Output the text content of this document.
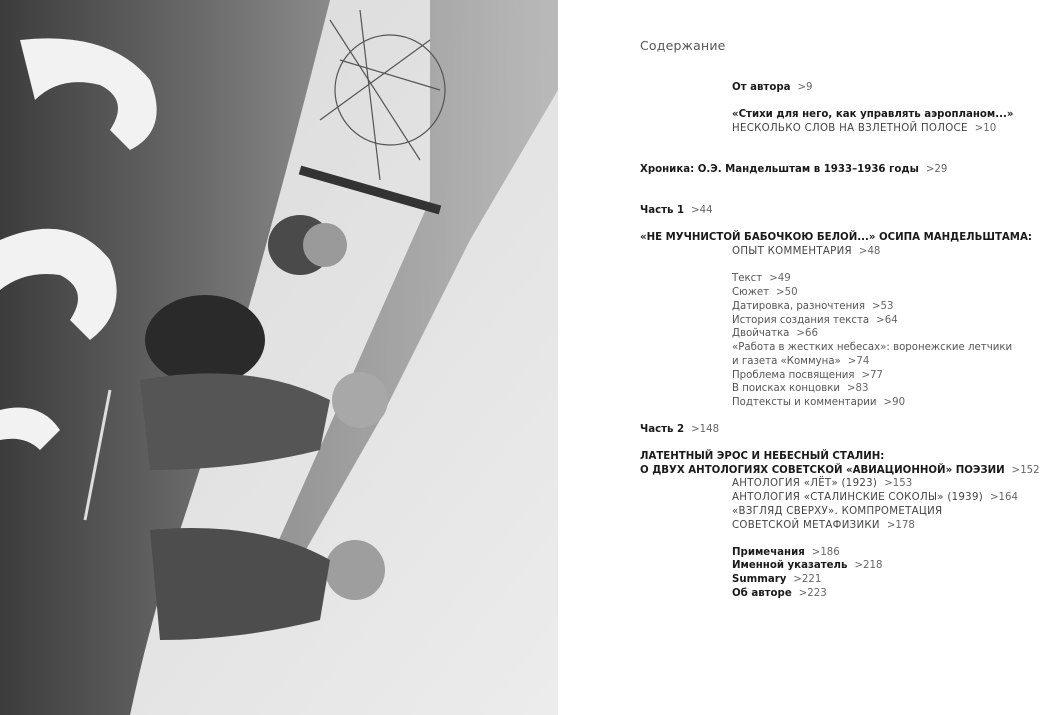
Содержание
От автора >9
«Стихи для него, как управлять аэропланом...»
НЕСКОЛЬКО СЛОВ НА ВЗЛЕТНОЙ ПОЛОСЕ >10
Хроника: О.Э. Мандельштам в 1933–1936 годы >29
Часть 1 >44
«НЕ МУЧНИСТОЙ БАБОЧКОЮ БЕЛОЙ...» ОСИПА МАНДЕЛЬШТАМА:
ОПЫТ КОММЕНТАРИЯ >48
Текст >49
Сюжет >50
Датировка, разночтения >53
История создания текста >64
Двойчатка >66
«Работа в жестких небесах»: воронежские летчики
и газета «Коммуна» >74
Проблема посвящения >77
В поисках концовки >83
Подтексты и комментарии >90
Часть 2 >148
ЛАТЕНТНЫЙ ЭРОС И НЕБЕСНЫЙ СТАЛИН:
О ДВУХ АНТОЛОГИЯХ СОВЕТСКОЙ «АВИАЦИОННОЙ» ПОЭЗИИ >152
АНТОЛОГИЯ «ЛЁТ» (1923) >153
АНТОЛОГИЯ «СТАЛИНСКИЕ СОКОЛЫ» (1939) >164
«ВЗГЛЯД СВЕРХУ». КОМПРОМЕТАЦИЯ
СОВЕТСКОЙ МЕТАФИЗИКИ >178
Примечания >186
Именной указатель >218
Summary >221
Об авторе >223
